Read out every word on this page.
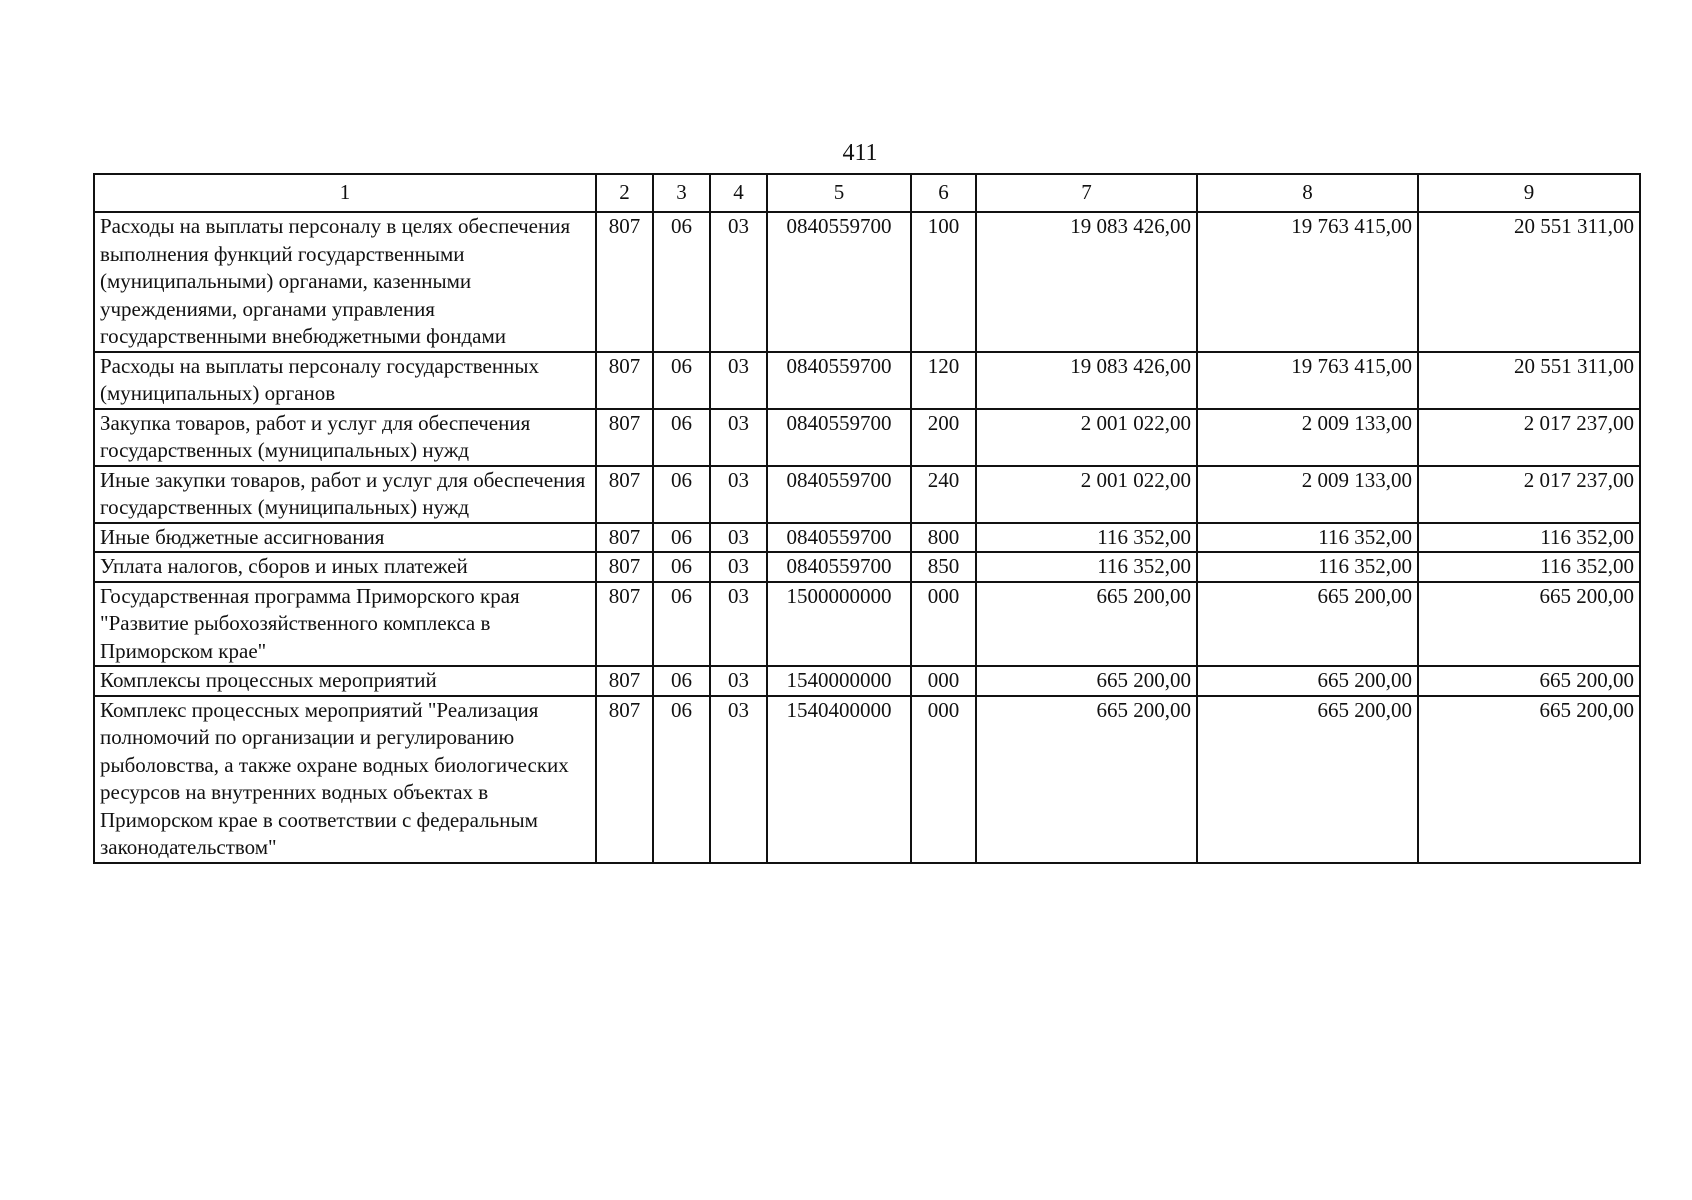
411
1	2	3	4	5	6	7	8	9
Расходы на выплаты персоналу в целях обеспечения выполнения функций государственными (муниципальными) органами, казенными учреждениями, органами управления государственными внебюджетными фондами	807	06	03	0840559700	100	19 083 426,00	19 763 415,00	20 551 311,00
Расходы на выплаты персоналу государственных (муниципальных) органов	807	06	03	0840559700	120	19 083 426,00	19 763 415,00	20 551 311,00
Закупка товаров, работ и услуг для обеспечения государственных (муниципальных) нужд	807	06	03	0840559700	200	2 001 022,00	2 009 133,00	2 017 237,00
Иные закупки товаров, работ и услуг для обеспечения государственных (муниципальных) нужд	807	06	03	0840559700	240	2 001 022,00	2 009 133,00	2 017 237,00
Иные бюджетные ассигнования	807	06	03	0840559700	800	116 352,00	116 352,00	116 352,00
Уплата налогов, сборов и иных платежей	807	06	03	0840559700	850	116 352,00	116 352,00	116 352,00
Государственная программа Приморского края "Развитие рыбохозяйственного комплекса в Приморском крае"	807	06	03	1500000000	000	665 200,00	665 200,00	665 200,00
Комплексы процессных мероприятий	807	06	03	1540000000	000	665 200,00	665 200,00	665 200,00
Комплекс процессных мероприятий "Реализация полномочий по организации и регулированию рыболовства, а также охране водных биологических ресурсов на внутренних водных объектах в Приморском крае в соответствии с федеральным законодательством"	807	06	03	1540400000	000	665 200,00	665 200,00	665 200,00
